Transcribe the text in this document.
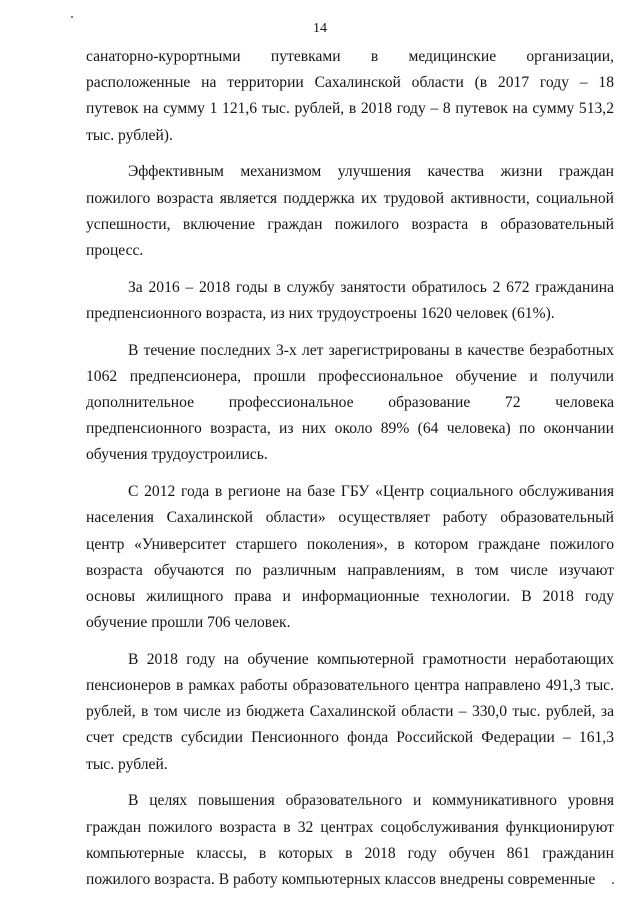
14
санаторно-курортными путевками в медицинские организации,
расположенные на территории Сахалинской области (в 2017 году – 18
путевок на сумму 1 121,6 тыс. рублей, в 2018 году – 8 путевок на сумму 513,2
тыс. рублей).
Эффективным механизмом улучшения качества жизни граждан
пожилого возраста является поддержка их трудовой активности, социальной
успешности, включение граждан пожилого возраста в образовательный
процесс.
За 2016 – 2018 годы в службу занятости обратилось 2 672 гражданина
предпенсионного возраста, из них трудоустроены 1620 человек (61%).
В течение последних 3-х лет зарегистрированы в качестве безработных
1062 предпенсионера, прошли профессиональное обучение и получили
дополнительное профессиональное образование 72 человека
предпенсионного возраста, из них около 89% (64 человека) по окончании
обучения трудоустроились.
С 2012 года в регионе на базе ГБУ «Центр социального обслуживания
населения Сахалинской области» осуществляет работу образовательный
центр «Университет старшего поколения», в котором граждане пожилого
возраста обучаются по различным направлениям, в том числе изучают
основы жилищного права и информационные технологии. В 2018 году
обучение прошли 706 человек.
В 2018 году на обучение компьютерной грамотности неработающих
пенсионеров в рамках работы образовательного центра направлено 491,3 тыс.
рублей, в том числе из бюджета Сахалинской области – 330,0 тыс. рублей, за
счет средств субсидии Пенсионного фонда Российской Федерации – 161,3
тыс. рублей.
В целях повышения образовательного и коммуникативного уровня
граждан пожилого возраста в 32 центрах соцобслуживания функционируют
компьютерные классы, в которых в 2018 году обучен 861 гражданин
пожилого возраста. В работу компьютерных классов внедрены современные
